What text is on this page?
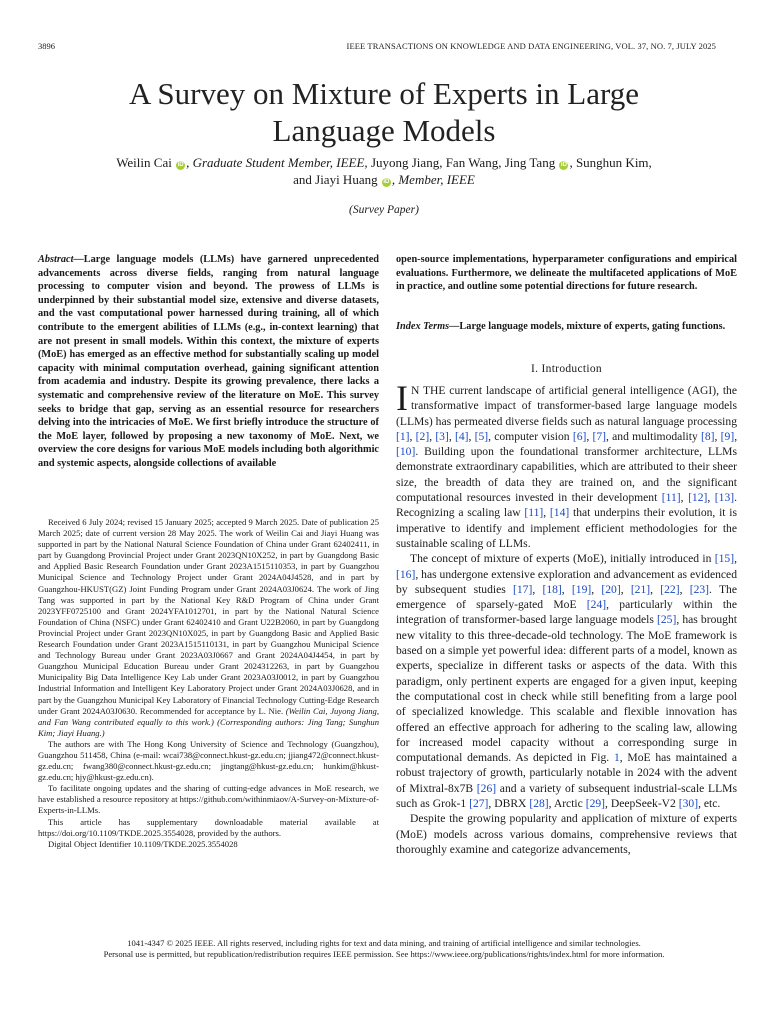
3896	IEEE TRANSACTIONS ON KNOWLEDGE AND DATA ENGINEERING, VOL. 37, NO. 7, JULY 2025
A Survey on Mixture of Experts in Large
Language Models
Weilin Cai iD , Graduate Student Member, IEEE, Juyong Jiang, Fan Wang, Jing Tang iD , Sunghun Kim,
and Jiayi Huang iD , Member, IEEE
(Survey Paper)
Abstract—Large language models (LLMs) have garnered unprecedented advancements across diverse fields, ranging from natural language processing to computer vision and beyond. The prowess of LLMs is underpinned by their substantial model size, extensive and diverse datasets, and the vast computational power harnessed during training, all of which contribute to the emergent abilities of LLMs (e.g., in-context learning) that are not present in small models. Within this context, the mixture of experts (MoE) has emerged as an effective method for substantially scaling up model capacity with minimal computation overhead, gaining significant attention from academia and industry. Despite its growing prevalence, there lacks a systematic and comprehensive review of the literature on MoE. This survey seeks to bridge that gap, serving as an essential resource for researchers delving into the intricacies of MoE. We first briefly introduce the structure of the MoE layer, followed by proposing a new taxonomy of MoE. Next, we overview the core designs for various MoE models including both algorithmic and systemic aspects, alongside collections of available
open-source implementations, hyperparameter configurations and empirical evaluations. Furthermore, we delineate the multifaceted applications of MoE in practice, and outline some potential directions for future research.
Index Terms—Large language models, mixture of experts, gating functions.

Received 6 July 2024; revised 15 January 2025; accepted 9 March 2025. Date of publication 25 March 2025; date of current version 28 May 2025. The work of Weilin Cai and Jiayi Huang was supported in part by the National Natural Science Foundation of China under Grant 62402411, in part by Guangdong Provincial Project under Grant 2023QN10X252, in part by Guangdong Basic and Applied Basic Research Foundation under Grant 2023A1515110353, in part by Guangzhou Municipal Science and Technology Project under Grant 2024A04J4528, and in part by Guangzhou-HKUST(GZ) Joint Funding Program under Grant 2024A03J0624. The work of Jing Tang was supported in part by the National Key R&D Program of China under Grant 2023YFF0725100 and Grant 2024YFA1012701, in part by the National Natural Science Foundation of China (NSFC) under Grant 62402410 and Grant U22B2060, in part by Guangdong Provincial Project under Grant 2023QN10X025, in part by Guangdong Basic and Applied Basic Research Foundation under Grant 2023A1515110131, in part by Guangzhou Municipal Science and Technology Bureau under Grant 2023A03J0667 and Grant 2024A04J4454, in part by Guangzhou Municipal Education Bureau under Grant 2024312263, in part by Guangzhou Municipality Big Data Intelligence Key Lab under Grant 2023A03J0012, in part by Guangzhou Industrial Information and Intelligent Key Laboratory Project under Grant 2024A03J0628, and in part by the Guangzhou Municipal Key Laboratory of Financial Technology Cutting-Edge Research under Grant 2024A03J0630. Recommended for acceptance by L. Nie. (Weilin Cai, Juyong Jiang, and Fan Wang contributed equally to this work.) (Corresponding authors: Jing Tang; Sunghun Kim; Jiayi Huang.)

The authors are with The Hong Kong University of Science and Technology (Guangzhou), Guangzhou 511458, China (e-mail: wcai738@connect.hkust-gz.edu.cn; jjiang472@connect.hkust-gz.edu.cn; fwang380@connect.hkust-gz.edu.cn; jingtang@hkust-gz.edu.cn; hunkim@hkust-gz.edu.cn; hjy@hkust-gz.edu.cn).

To facilitate ongoing updates and the sharing of cutting-edge advances in MoE research, we have established a resource repository at https://github.com/withinmiaov/A-Survey-on-Mixture-of-Experts-in-LLMs.

This article has supplementary downloadable material available at https://doi.org/10.1109/TKDE.2025.3554028, provided by the authors.

Digital Object Identifier 10.1109/TKDE.2025.3554028

I. Introduction

I N THE current landscape of artificial general intelligence (AGI), the transformative impact of transformer-based large language models (LLMs) has permeated diverse fields such as natural language processing [1], [2], [3], [4], [5], computer vision [6], [7], and multimodality [8], [9], [10]. Building upon the foundational transformer architecture, LLMs demonstrate extraordinary capabilities, which are attributed to their sheer size, the breadth of data they are trained on, and the significant computational resources invested in their development [11], [12], [13]. Recognizing a scaling law [11], [14] that underpins their evolution, it is imperative to identify and implement efficient methodologies for the sustainable scaling of LLMs.

The concept of mixture of experts (MoE), initially introduced in [15], [16], has undergone extensive exploration and advancement as evidenced by subsequent studies [17], [18], [19], [20], [21], [22], [23]. The emergence of sparsely-gated MoE [24], particularly within the integration of transformer-based large language models [25], has brought new vitality to this three-decade-old technology. The MoE framework is based on a simple yet powerful idea: different parts of a model, known as experts, specialize in different tasks or aspects of the data. With this paradigm, only pertinent experts are engaged for a given input, keeping the computational cost in check while still benefiting from a large pool of specialized knowledge. This scalable and flexible innovation has offered an effective approach for adhering to the scaling law, allowing for increased model capacity without a corresponding surge in computational demands. As depicted in Fig. 1, MoE has maintained a robust trajectory of growth, particularly notable in 2024 with the advent of Mixtral-8x7B [26] and a variety of subsequent industrial-scale LLMs such as Grok-1 [27], DBRX [28], Arctic [29], DeepSeek-V2 [30], etc.

Despite the growing popularity and application of mixture of experts (MoE) models across various domains, comprehensive reviews that thoroughly examine and categorize advancements,

1041-4347 © 2025 IEEE. All rights reserved, including rights for text and data mining, and training of artificial intelligence and similar technologies.
Personal use is permitted, but republication/redistribution requires IEEE permission. See https://www.ieee.org/publications/rights/index.html for more information.
